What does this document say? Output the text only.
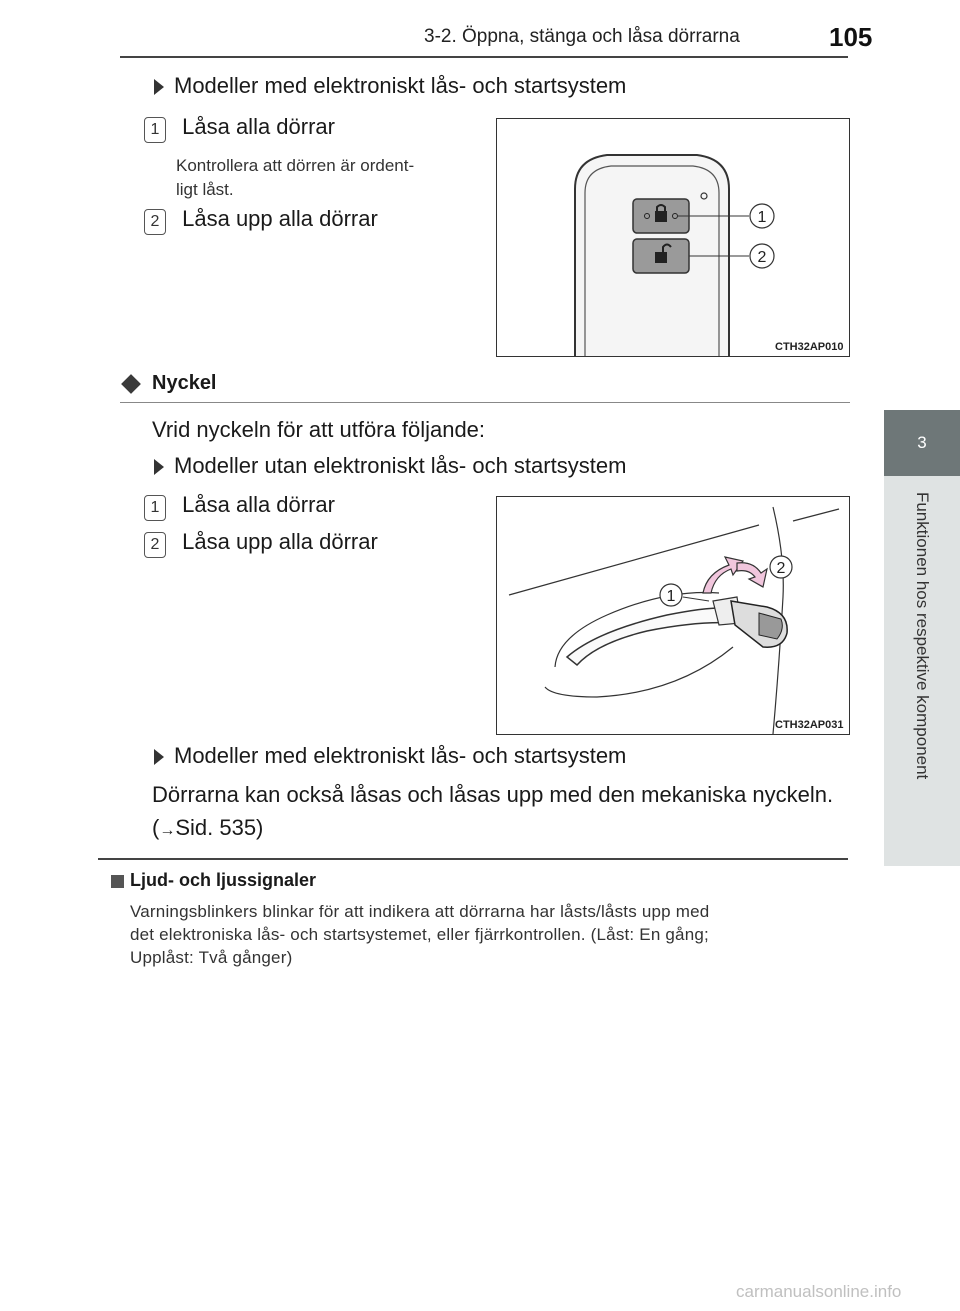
3-2. Öppna, stänga och låsa dörrarna	105
3
Funktionen hos respektive komponent
Modeller med elektroniskt lås- och startsystem
1 Låsa alla dörrar
Kontrollera att dörren är ordent-
ligt låst.
2 Låsa upp alla dörrar	1
2
CTH32AP010
Nyckel
Vrid nyckeln för att utföra följande:
Modeller utan elektroniskt lås- och startsystem
1 Låsa alla dörrar
2 Låsa upp alla dörrar
1
2
CTH32AP031
Modeller med elektroniskt lås- och startsystem
Dörrarna kan också låsas och låsas upp med den mekaniska nyckeln.
(→Sid. 535)
Ljud- och ljussignaler
Varningsblinkers blinkar för att indikera att dörrarna har låsts/låsts upp med
det elektroniska lås- och startsystemet, eller fjärrkontrollen. (Låst: En gång;
Upplåst: Två gånger)
carmanualsonline.info
